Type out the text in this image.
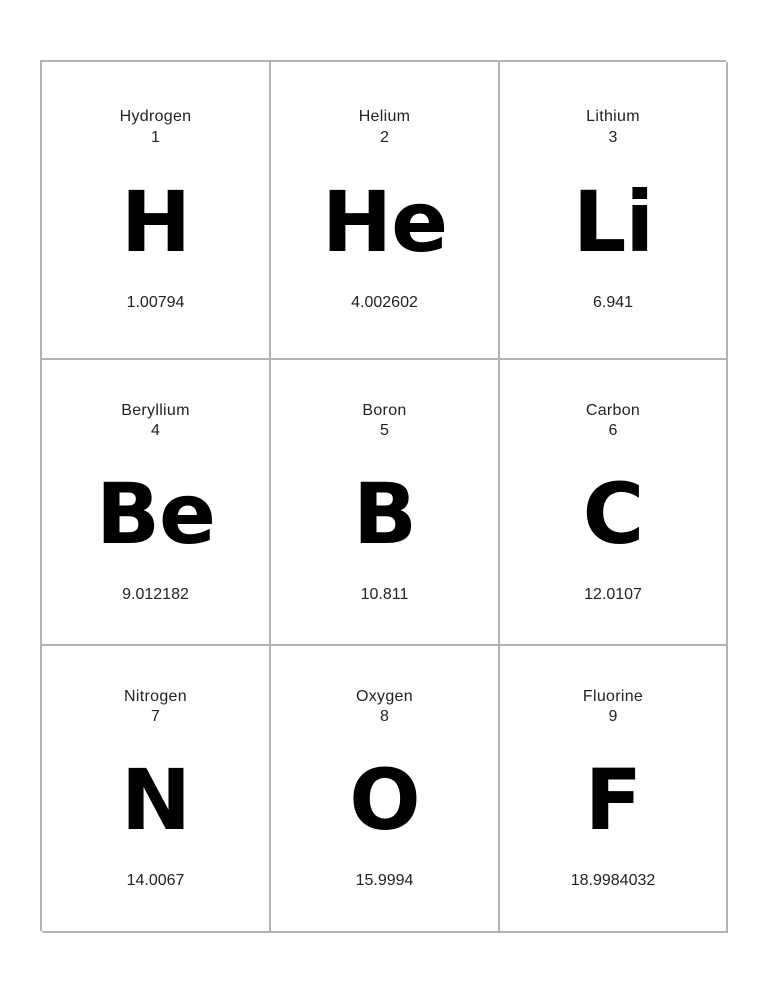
Hydrogen
1
H
1.00794
Helium
2
He
4.002602
Lithium
3
Li
6.941
Beryllium
4
Be
9.012182
Boron
5
B
10.811
Carbon
6
C
12.0107
Nitrogen
7
N
14.0067
Oxygen
8
O
15.9994
Fluorine
9
F
18.9984032
